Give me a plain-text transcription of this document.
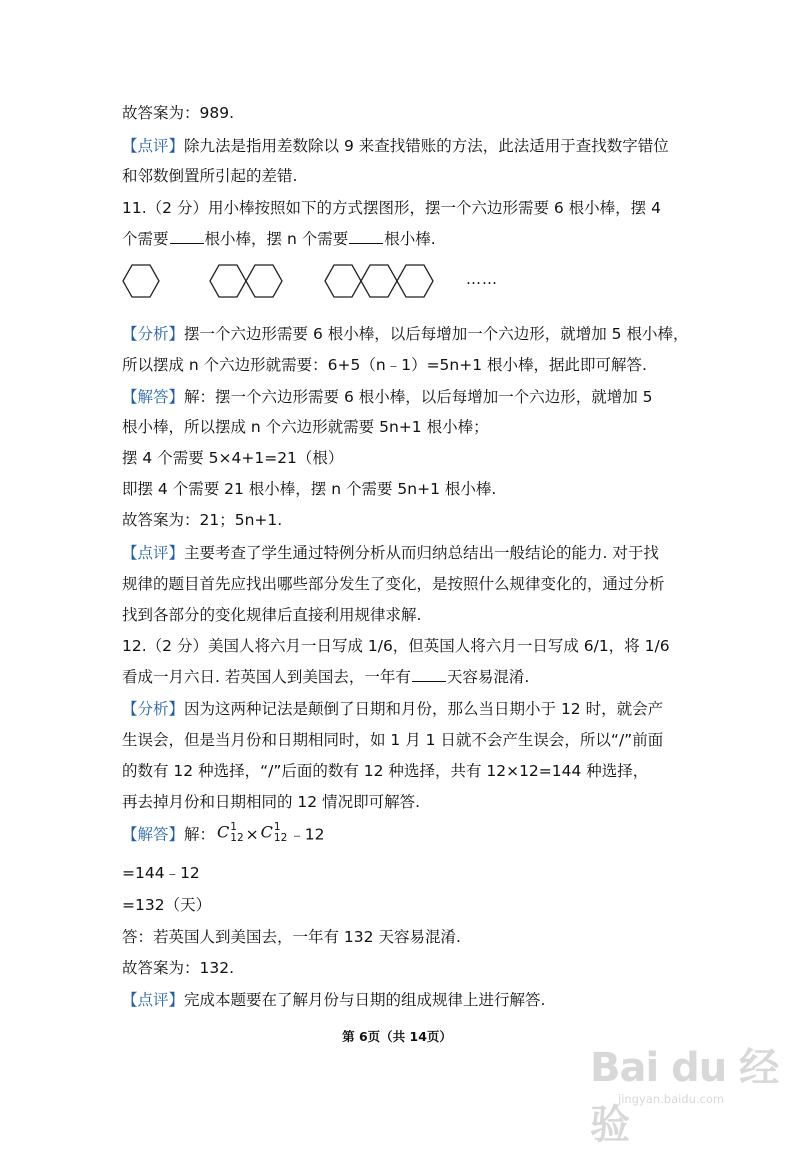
故答案为：989.
【点评】除九法是指用差数除以 9 来查找错账的方法，此法适用于查找数字错位
和邻数倒置所引起的差错.
11.（2 分）用小棒按照如下的方式摆图形，摆一个六边形需要 6 根小棒，摆 4
个需要 根小棒，摆 n 个需要 根小棒.
……
【分析】摆一个六边形需要 6 根小棒，以后每增加一个六边形，就增加 5 根小棒，
所以摆成 n 个六边形就需要：6+5（n﹣1）=5n+1 根小棒，据此即可解答.
【解答】解：摆一个六边形需要 6 根小棒，以后每增加一个六边形，就增加 5
根小棒，所以摆成 n 个六边形就需要 5n+1 根小棒；
摆 4 个需要 5×4+1=21（根）
即摆 4 个需要 21 根小棒，摆 n 个需要 5n+1 根小棒.
故答案为：21；5n+1.
【点评】主要考查了学生通过特例分析从而归纳总结出一般结论的能力. 对于找
规律的题目首先应找出哪些部分发生了变化，是按照什么规律变化的，通过分析
找到各部分的变化规律后直接利用规律求解.
12.（2 分）美国人将六月一日写成 1/6，但英国人将六月一日写成 6/1，将 1/6
看成一月六日. 若英国人到美国去，一年有 天容易混淆.
【分析】因为这两种记法是颠倒了日期和月份，那么当日期小于 12 时，就会产
生误会，但是当月份和日期相同时，如 1 月 1 日就不会产生误会，所以“/”前面
的数有 12 种选择，“/”后面的数有 12 种选择，共有 12×12=144 种选择，
再去掉月份和日期相同的 12 情况即可解答.
【解答】解： C 1
12 × C 1
12 ﹣12
=144﹣12
=132（天）
答：若英国人到美国去，一年有 132 天容易混淆.
故答案为：132.
【点评】完成本题要在了解月份与日期的组成规律上进行解答.
第 6页（共 14页）
Bai du 经验
jingyan.baidu.com
